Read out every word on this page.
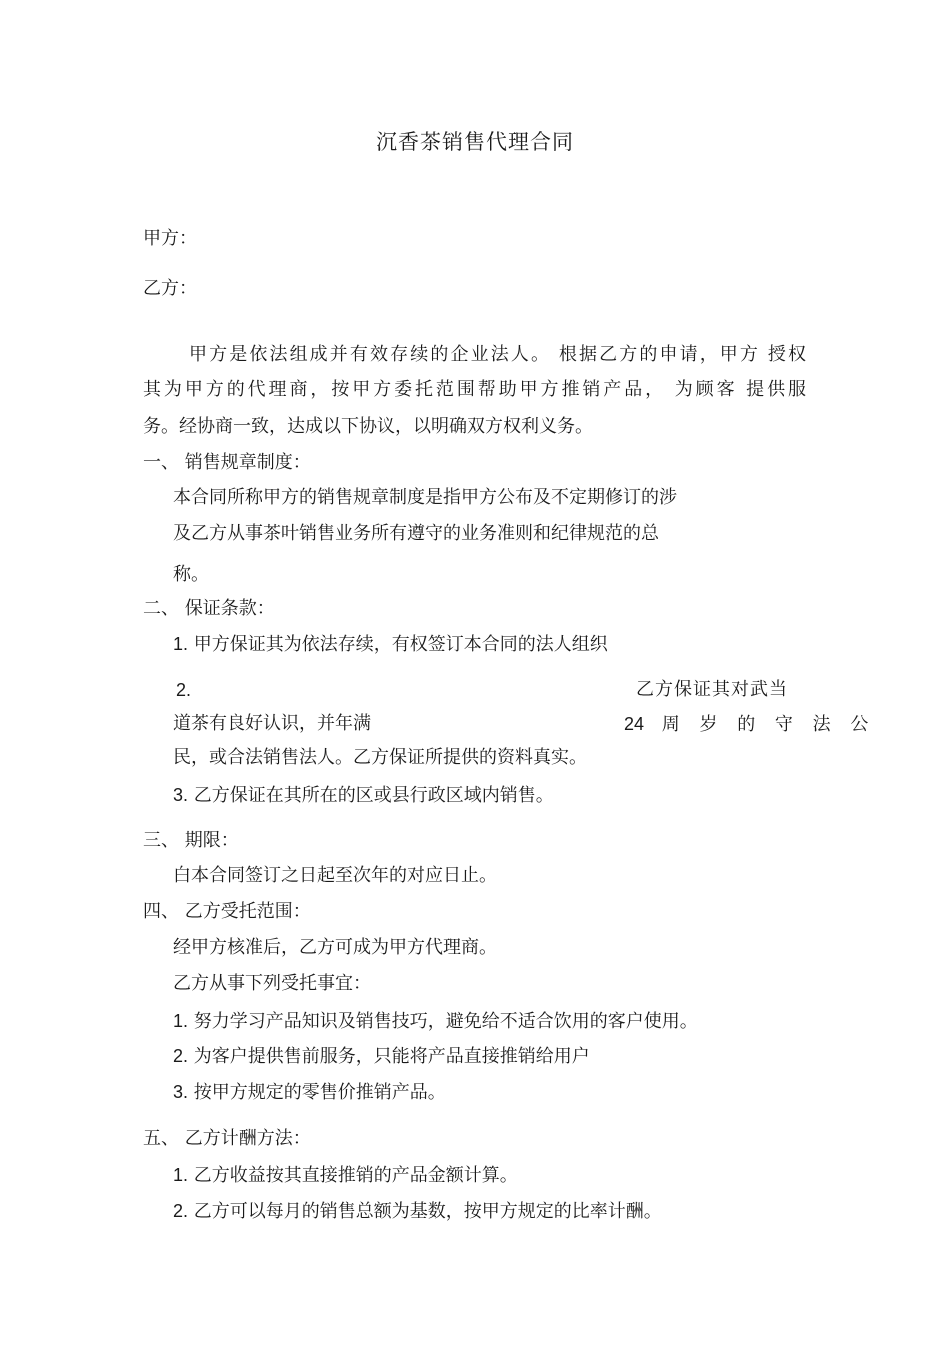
沉香茶销售代理合同
甲方：
乙方：
甲方是依法组成并有效存续的企业法人。 根据乙方的申请，甲方 授权
其为甲方的代理商，按甲方委托范围帮助甲方推销产品， 为顾客 提供服
务。经协商一致，达成以下协议，以明确双方权利义务。
一、 销售规章制度：
本合同所称甲方的销售规章制度是指甲方公布及不定期修订的涉
及乙方从事茶叶销售业务所有遵守的业务准则和纪律规范的总
称。
二、 保证条款：
1. 甲方保证其为依法存续，有权签订本合同的法人组织
2.	乙方保证其对武当
道茶有良好认识，并年满	24 周 岁 的 守 法 公
民，或合法销售法人。乙方保证所提供的资料真实。
3. 乙方保证在其所在的区或县行政区域内销售。
三、 期限：
白本合同签订之日起至次年的对应日止。
四、 乙方受托范围：
经甲方核准后，乙方可成为甲方代理商。
乙方从事下列受托事宜：
1. 努力学习产品知识及销售技巧，避免给不适合饮用的客户使用。
2. 为客户提供售前服务，只能将产品直接推销给用户
3. 按甲方规定的零售价推销产品。
五、 乙方计酬方法：
1. 乙方收益按其直接推销的产品金额计算。
2. 乙方可以每月的销售总额为基数，按甲方规定的比率计酬。
